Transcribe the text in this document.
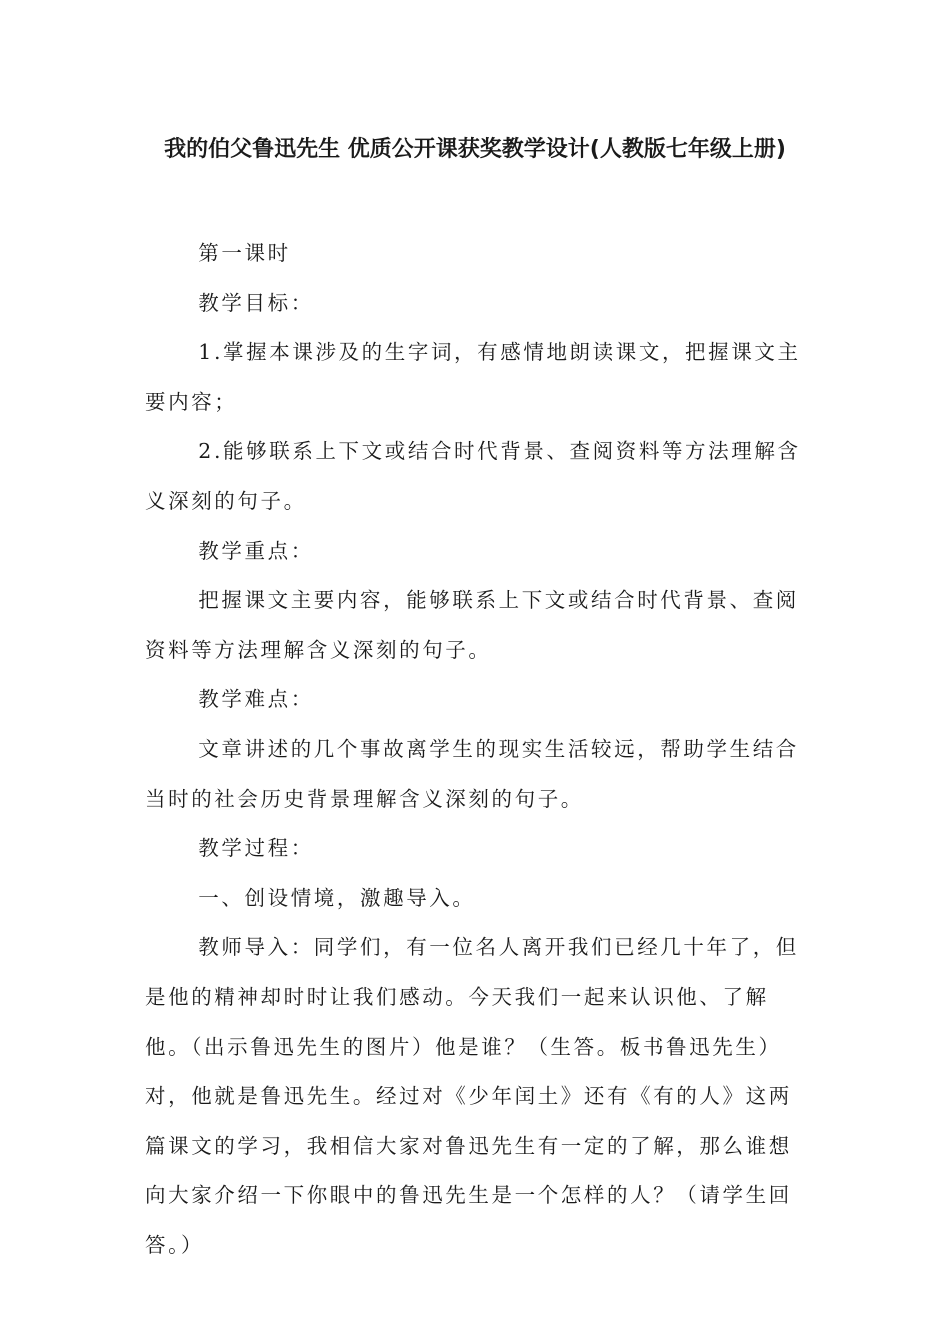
我的伯父鲁迅先生 优质公开课获奖教学设计(人教版七年级上册)

第一课时

教学目标：

1.掌握本课涉及的生字词，有感情地朗读课文，把握课文主要内容；

2.能够联系上下文或结合时代背景、查阅资料等方法理解含义深刻的句子。

教学重点：

把握课文主要内容，能够联系上下文或结合时代背景、查阅资料等方法理解含义深刻的句子。

教学难点：

文章讲述的几个事故离学生的现实生活较远，帮助学生结合当时的社会历史背景理解含义深刻的句子。

教学过程：

一、创设情境，激趣导入。

教师导入：同学们，有一位名人离开我们已经几十年了，但是他的精神却时时让我们感动。今天我们一起来认识他、了解他。（出示鲁迅先生的图片）他是谁？（生答。板书鲁迅先生）对，他就是鲁迅先生。经过对《少年闰土》还有《有的人》这两篇课文的学习，我相信大家对鲁迅先生有一定的了解，那么谁想向大家介绍一下你眼中的鲁迅先生是一个怎样的人？（请学生回答。）
